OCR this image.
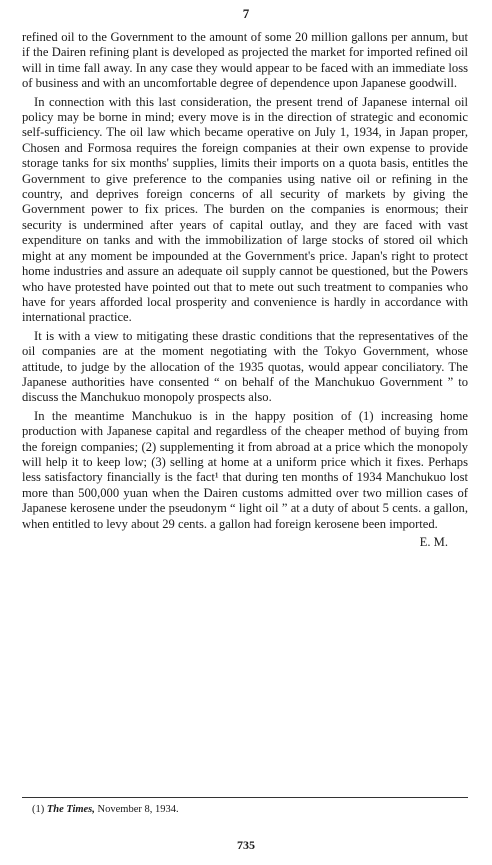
7

refined oil to the Government to the amount of some 20 million gallons per annum, but if the Dairen refining plant is developed as projected the market for imported refined oil will in time fall away. In any case they would appear to be faced with an immediate loss of business and with an uncomfortable degree of dependence upon Japanese goodwill.

In connection with this last consideration, the present trend of Japanese internal oil policy may be borne in mind; every move is in the direction of strategic and economic self-sufficiency. The oil law which became operative on July 1, 1934, in Japan proper, Chosen and Formosa requires the foreign companies at their own expense to provide storage tanks for six months' supplies, limits their imports on a quota basis, entitles the Government to give preference to the companies using native oil or refining in the country, and deprives foreign concerns of all security of markets by giving the Government power to fix prices. The burden on the companies is enormous; their security is undermined after years of capital outlay, and they are faced with vast expenditure on tanks and with the immobilization of large stocks of stored oil which might at any moment be impounded at the Government's price. Japan's right to protect home industries and assure an adequate oil supply cannot be questioned, but the Powers who have protested have pointed out that to mete out such treatment to companies who have for years afforded local prosperity and convenience is hardly in accordance with international practice.

It is with a view to mitigating these drastic conditions that the representatives of the oil companies are at the moment negotiating with the Tokyo Government, whose attitude, to judge by the allocation of the 1935 quotas, would appear conciliatory. The Japanese authorities have consented “ on behalf of the Manchukuo Government ” to discuss the Manchukuo monopoly prospects also.

In the meantime Manchukuo is in the happy position of (1) increasing home production with Japanese capital and regardless of the cheaper method of buying from the foreign companies; (2) supplementing it from abroad at a price which the monopoly will help it to keep low; (3) selling at home at a uniform price which it fixes. Perhaps less satisfactory financially is the fact¹ that during ten months of 1934 Manchukuo lost more than 500,000 yuan when the Dairen customs admitted over two million cases of Japanese kerosene under the pseudonym “ light oil ” at a duty of about 5 cents. a gallon, when entitled to levy about 29 cents. a gallon had foreign kerosene been imported.

E. M.
(1) The Times, November 8, 1934.
735
